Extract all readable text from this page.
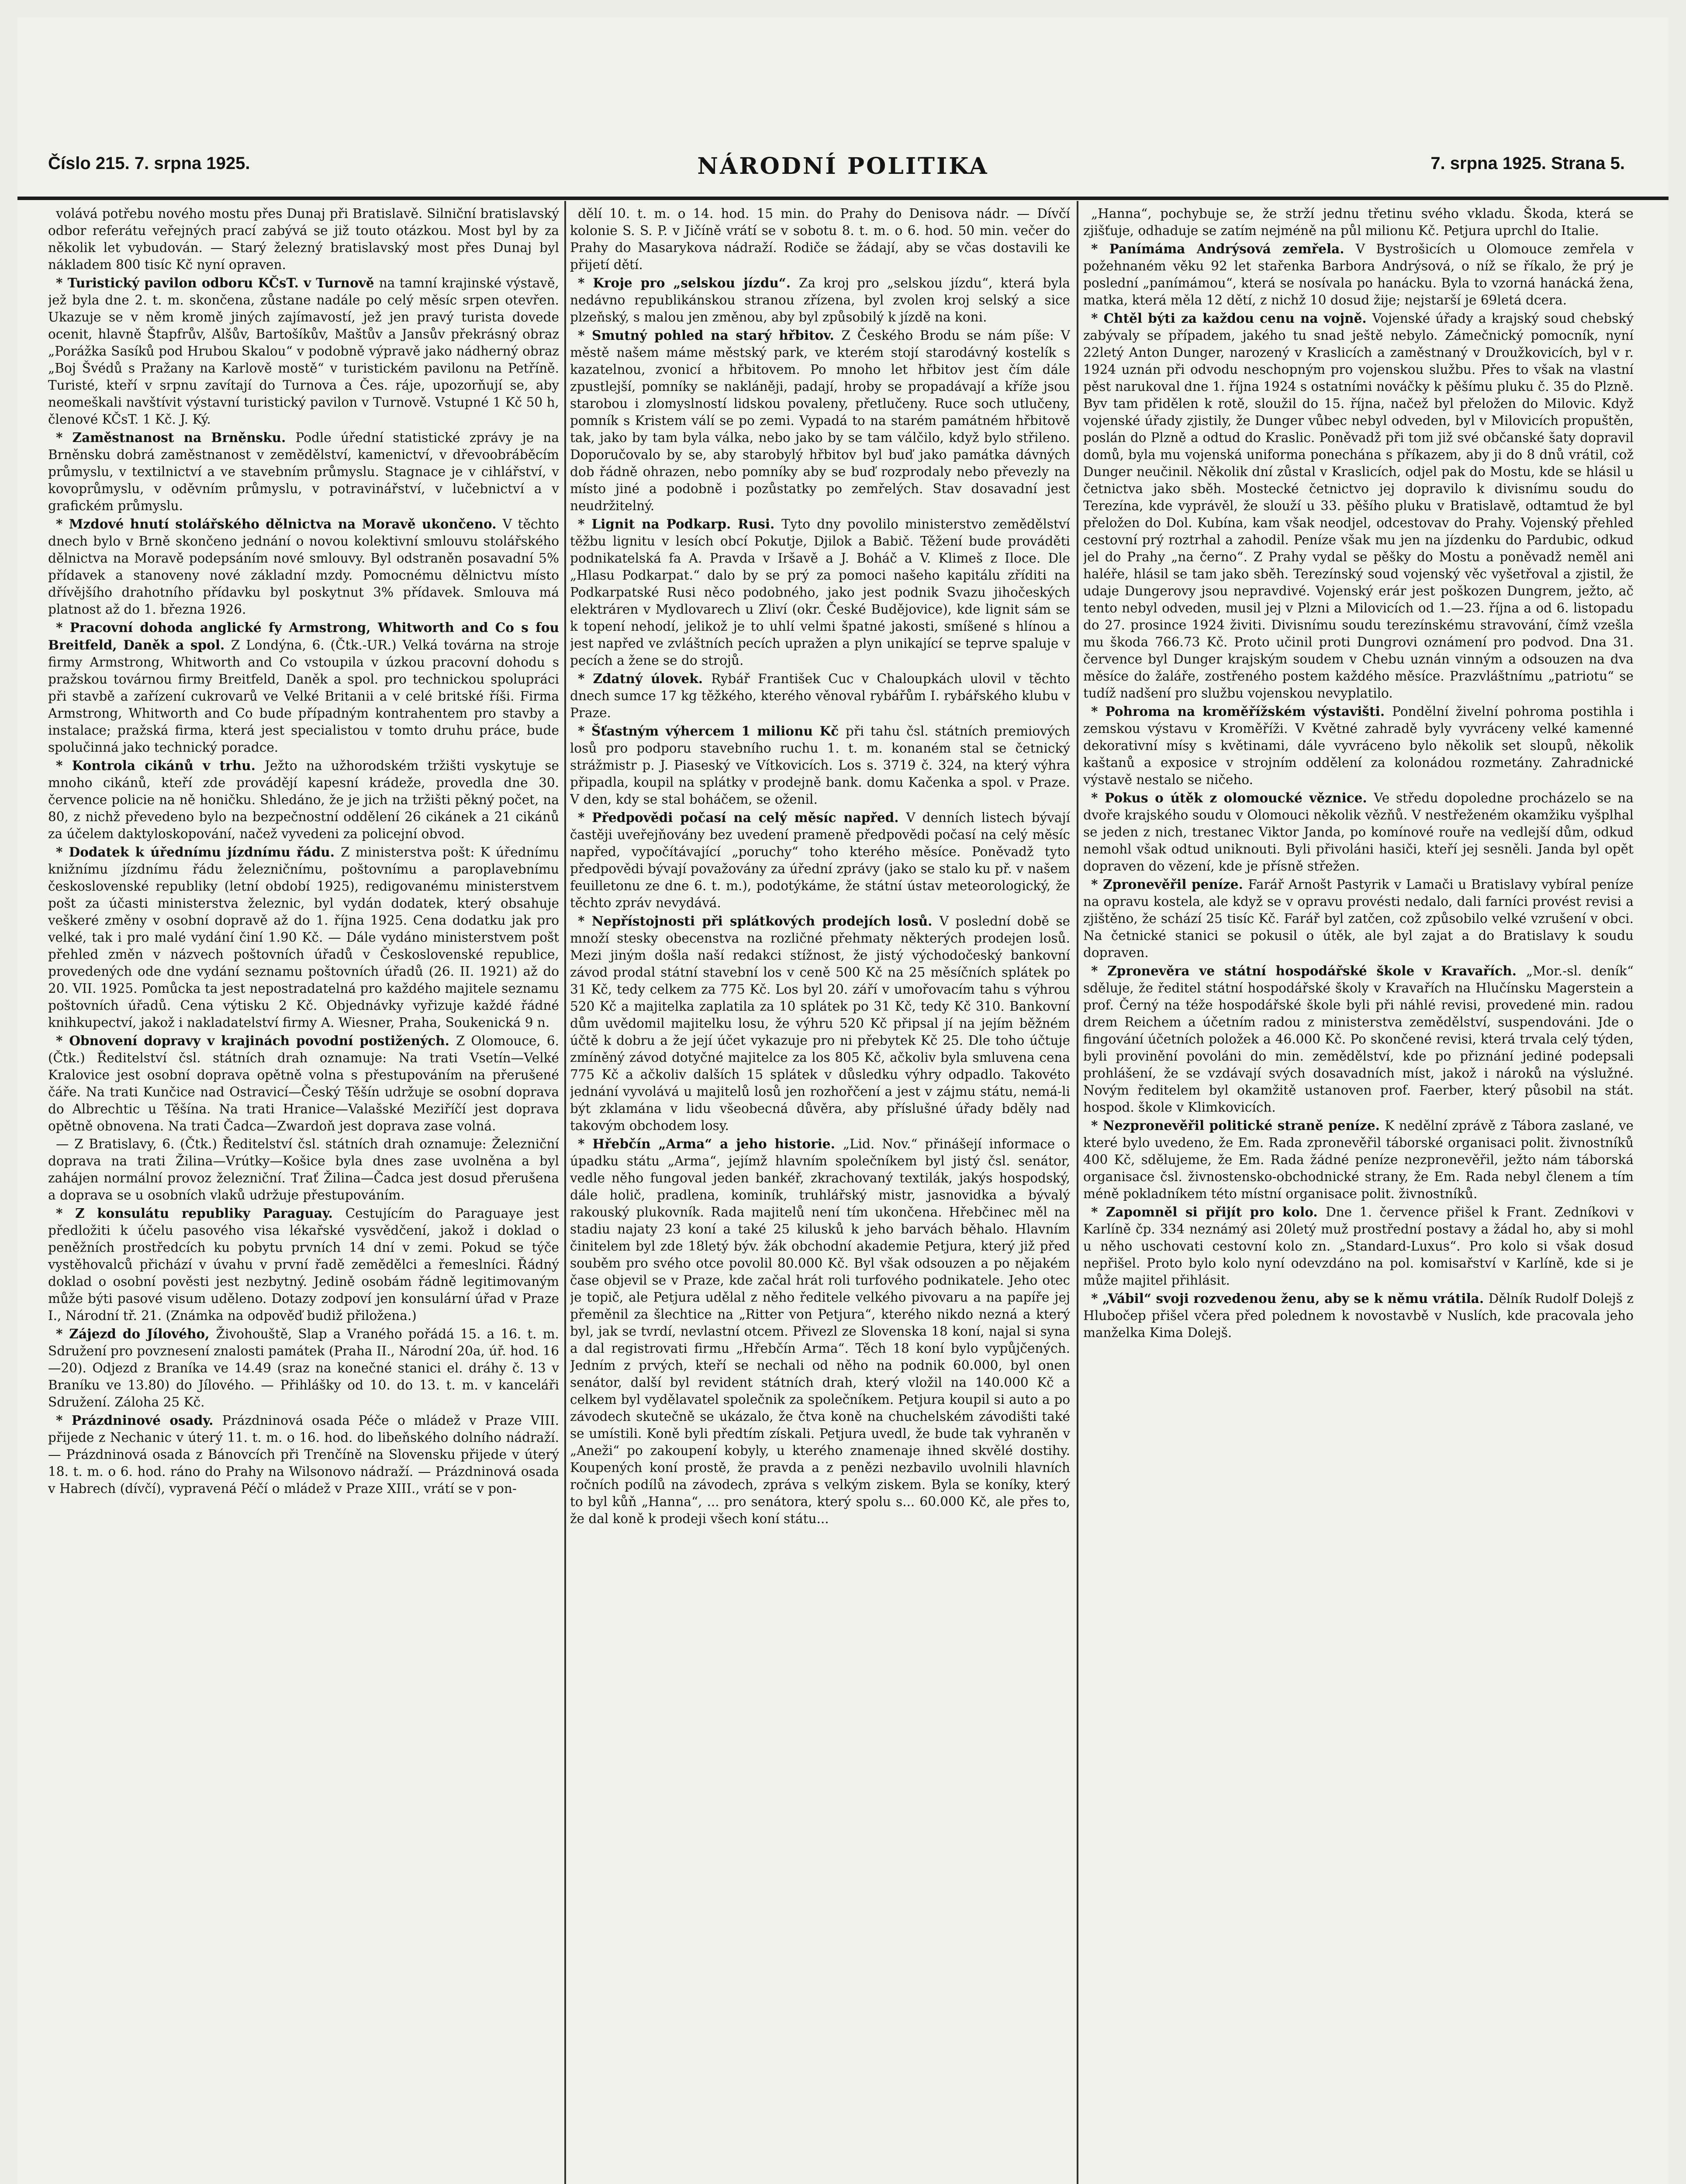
Číslo 215. 7. srpna 1925.	NÁRODNÍ POLITIKA	7. srpna 1925. Strana 5.

volává potřebu nového mostu přes Dunaj při Bratislavě. Silniční bratislavský odbor referátu veřejných prací zabývá se již touto otázkou. Most byl by za několik let vybudován. — Starý železný bratislavský most přes Dunaj byl nákladem 800 tisíc Kč nyní opraven.

* Turistický pavilon odboru KČsT. v Turnově na tamní krajinské výstavě, jež byla dne 2. t. m. skončena, zůstane nadále po celý měsíc srpen otevřen. Ukazuje se v něm kromě jiných zajímavostí, jež jen pravý turista dovede ocenit, hlavně Štapfrův, Alšův, Bartošíkův, Maštův a Jansův překrásný obraz „Porážka Sasíků pod Hrubou Skalou“ v podobně výpravě jako nádherný obraz „Boj Švédů s Pražany na Karlově mostě“ v turistickém pavilonu na Petříně. Turisté, kteří v srpnu zavítají do Turnova a Čes. ráje, upozorňují se, aby neomeškali navštívit výstavní turistický pavilon v Turnově. Vstupné 1 Kč 50 h, členové KČsT. 1 Kč. J. Ký.

* Zaměstnanost na Brněnsku. Podle úřední statistické zprávy je na Brněnsku dobrá zaměstnanost v zemědělství, kamenictví, v dřevoobráběcím průmyslu, v textilnictví a ve stavebním průmyslu. Stagnace je v cihlářství, v kovoprůmyslu, v oděvním průmyslu, v potravinářství, v lučebnictví a v grafickém průmyslu.

* Mzdové hnutí stolářského dělnictva na Moravě ukončeno. V těchto dnech bylo v Brně skončeno jednání o novou kolektivní smlouvu stolářského dělnictva na Moravě podepsáním nové smlouvy. Byl odstraněn posavadní 5% přídavek a stanoveny nové základní mzdy. Pomocnému dělnictvu místo dřívějšího drahotního přídavku byl poskytnut 3% přídavek. Smlouva má platnost až do 1. března 1926.

* Pracovní dohoda anglické fy Armstrong, Whitworth and Co s fou Breitfeld, Daněk a spol. Z Londýna, 6. (Čtk.-UR.) Velká továrna na stroje firmy Armstrong, Whitworth and Co vstoupila v úzkou pracovní dohodu s pražskou továrnou firmy Breitfeld, Daněk a spol. pro technickou spolupráci při stavbě a zařízení cukrovarů ve Velké Britanii a v celé britské říši. Firma Armstrong, Whitworth and Co bude případným kontrahentem pro stavby a instalace; pražská firma, která jest specialistou v tomto druhu práce, bude spolučinná jako technický poradce.

* Kontrola cikánů v trhu. Ježto na užhorodském tržišti vyskytuje se mnoho cikánů, kteří zde provádějí kapesní krádeže, provedla dne 30. července policie na ně honičku. Shledáno, že je jich na tržišti pěkný počet, na 80, z nichž převedeno bylo na bezpečnostní oddělení 26 cikánek a 21 cikánů za účelem daktyloskopování, načež vyvedeni za policejní obvod.

* Dodatek k úřednímu jízdnímu řádu. Z ministerstva pošt: K úřednímu knižnímu jízdnímu řádu železničnímu, poštovnímu a paroplavebnímu československé republiky (letní období 1925), redigovanému ministerstvem pošt za účasti ministerstva železnic, byl vydán dodatek, který obsahuje veškeré změny v osobní dopravě až do 1. října 1925. Cena dodatku jak pro velké, tak i pro malé vydání činí 1.90 Kč. — Dále vydáno ministerstvem pošt přehled změn v názvech poštovních úřadů v Československé republice, provedených ode dne vydání seznamu poštovních úřadů (26. II. 1921) až do 20. VII. 1925. Pomůcka ta jest nepostradatelná pro každého majitele seznamu poštovních úřadů. Cena výtisku 2 Kč. Objednávky vyřizuje každé řádné knihkupectví, jakož i nakladatelství firmy A. Wiesner, Praha, Soukenická 9 n.

* Obnovení dopravy v krajinách povodní postižených. Z Olomouce, 6. (Čtk.) Ředitelství čsl. státních drah oznamuje: Na trati Vsetín—Velké Kralovice jest osobní doprava opětně volna s přestupováním na přerušené čáře. Na trati Kunčice nad Ostravicí—Český Těšín udržuje se osobní doprava do Albrechtic u Těšína. Na trati Hranice—Valašské Meziříčí jest doprava opětně obnovena. Na trati Čadca—Zwardoň jest doprava zase volná.

— Z Bratislavy, 6. (Čtk.) Ředitelství čsl. státních drah oznamuje: Železniční doprava na trati Žilina—Vrútky—Košice byla dnes zase uvolněna a byl zahájen normální provoz železniční. Trať Žilina—Čadca jest dosud přerušena a doprava se u osobních vlaků udržuje přestupováním.

* Z konsulátu republiky Paraguay. Cestujícím do Paraguaye jest předložiti k účelu pasového visa lékařské vysvědčení, jakož i doklad o peněžních prostředcích ku pobytu prvních 14 dní v zemi. Pokud se týče vystěhovalců přichází v úvahu v první řadě zemědělci a řemeslníci. Řádný doklad o osobní pověsti jest nezbytný. Jedině osobám řádně legitimovaným může býti pasové visum uděleno. Dotazy zodpoví jen konsulární úřad v Praze I., Národní tř. 21. (Známka na odpověď budiž přiložena.)

* Zájezd do Jílového, Živohouště, Slap a Vraného pořádá 15. a 16. t. m. Sdružení pro povznesení znalosti památek (Praha II., Národní 20a, úř. hod. 16—20). Odjezd z Braníka ve 14.49 (sraz na konečné stanici el. dráhy č. 13 v Braníku ve 13.80) do Jílového. — Přihlášky od 10. do 13. t. m. v kanceláři Sdružení. Záloha 25 Kč.

* Prázdninové osady. Prázdninová osada Péče o mládež v Praze VIII. přijede z Nechanic v úterý 11. t. m. o 16. hod. do libeňského dolního nádraží. — Prázdninová osada z Bánovcích při Trenčíně na Slovensku přijede v úterý 18. t. m. o 6. hod. ráno do Prahy na Wilsonovo nádraží. — Prázdninová osada v Habrech (dívčí), vypravená Péčí o mládež v Praze XIII., vrátí se v pon-

dělí 10. t. m. o 14. hod. 15 min. do Prahy do Denisova nádr. — Dívčí kolonie S. S. P. v Jičíně vrátí se v sobotu 8. t. m. o 6. hod. 50 min. večer do Prahy do Masarykova nádraží. Rodiče se žádají, aby se včas dostavili ke přijetí dětí.

* Kroje pro „selskou jízdu“. Za kroj pro „selskou jízdu“, která byla nedávno republikánskou stranou zřízena, byl zvolen kroj selský a sice plzeňský, s malou jen změnou, aby byl způsobilý k jízdě na koni.

* Smutný pohled na starý hřbitov. Z Českého Brodu se nám píše: V městě našem máme městský park, ve kterém stojí starodávný kostelík s kazatelnou, zvonicí a hřbitovem. Po mnoho let hřbitov jest čím dále zpustlejší, pomníky se nakláněji, padají, hroby se propadávají a kříže jsou starobou i zlomyslností lidskou povaleny, přetlučeny. Ruce soch utlučeny, pomník s Kristem válí se po zemi. Vypadá to na starém památném hřbitově tak, jako by tam byla válka, nebo jako by se tam válčilo, když bylo střileno. Doporučovalo by se, aby starobylý hřbitov byl buď jako památka dávných dob řádně ohrazen, nebo pomníky aby se buď rozprodaly nebo převezly na místo jiné a podobně i pozůstatky po zemřelých. Stav dosavadní jest neudržitelný.

* Lignit na Podkarp. Rusi. Tyto dny povolilo ministerstvo zemědělství těžbu lignitu v lesích obcí Pokutje, Djilok a Babič. Těžení bude prováděti podnikatelská fa A. Pravda v Iršavě a J. Boháč a V. Klimeš z Iloce. Dle „Hlasu Podkarpat.“ dalo by se prý za pomoci našeho kapitálu zříditi na Podkarpatské Rusi něco podobného, jako jest podnik Svazu jihočeských elektráren v Mydlovarech u Zliví (okr. České Budějovice), kde lignit sám se k topení nehodí, jelikož je to uhlí velmi špatné jakosti, smíšené s hlínou a jest napřed ve zvláštních pecích upražen a plyn unikající se teprve spaluje v pecích a žene se do strojů.

* Zdatný úlovek. Rybář František Cuc v Chaloupkách ulovil v těchto dnech sumce 17 kg těžkého, kterého věnoval rybářům I. rybářského klubu v Praze.

* Šťastným výhercem 1 milionu Kč při tahu čsl. státních premiových losů pro podporu stavebního ruchu 1. t. m. konaném stal se četnický strážmistr p. J. Piaseský ve Vítkovicích. Los s. 3719 č. 324, na který výhra připadla, koupil na splátky v prodejně bank. domu Kačenka a spol. v Praze. V den, kdy se stal boháčem, se oženil.

* Předpovědi počasí na celý měsíc napřed. V denních listech bývají častěji uveřejňovány bez uvedení prameně předpovědi počasí na celý měsíc napřed, vypočítávající „poruchy“ toho kterého měsíce. Poněvadž tyto předpovědi bývají považovány za úřední zprávy (jako se stalo ku př. v našem feuilletonu ze dne 6. t. m.), podotýkáme, že státní ústav meteorologický, že těchto zpráv nevydává.

* Nepřístojnosti při splátkových prodejích losů. V poslední době se množí stesky obecenstva na rozličné přehmaty některých prodejen losů. Mezi jiným došla naší redakci stížnost, že jistý východočeský bankovní závod prodal státní stavební los v ceně 500 Kč na 25 měsíčních splátek po 31 Kč, tedy celkem za 775 Kč. Los byl 20. září v umořovacím tahu s výhrou 520 Kč a majitelka zaplatila za 10 splátek po 31 Kč, tedy Kč 310. Bankovní dům uvědomil majitelku losu, že výhru 520 Kč připsal jí na jejím běžném účtě k dobru a že její účet vykazuje pro ni přebytek Kč 25. Dle toho účtuje zmíněný závod dotyčné majitelce za los 805 Kč, ačkoliv byla smluvena cena 775 Kč a ačkoliv dalších 15 splátek v důsledku výhry odpadlo. Takovéto jednání vyvolává u majitelů losů jen rozhořčení a jest v zájmu státu, nemá-li být zklamána v lidu všeobecná důvěra, aby příslušné úřady bděly nad takovým obchodem losy.

* Hřebčín „Arma“ a jeho historie. „Lid. Nov.“ přinášejí informace o úpadku státu „Arma“, jejímž hlavním společníkem byl jistý čsl. senátor, vedle něho fungoval jeden bankéř, zkrachovaný textilák, jakýs hospodský, dále holič, pradlena, kominík, truhlářský mistr, jasnovidka a bývalý rakouský plukovník. Rada majitelů není tím ukončena. Hřebčinec měl na stadiu najaty 23 koní a také 25 kilusků k jeho barvách běhalo. Hlavním činitelem byl zde 18letý býv. žák obchodní akademie Petjura, který již před souběm pro svého otce povolil 80.000 Kč. Byl však odsouzen a po nějakém čase objevil se v Praze, kde začal hrát roli turfového podnikatele. Jeho otec je topič, ale Petjura udělal z něho ředitele velkého pivovaru a na papíře jej přeměnil za šlechtice na „Ritter von Petjura“, kterého nikdo nezná a který byl, jak se tvrdí, nevlastní otcem. Přivezl ze Slovenska 18 koní, najal si syna a dal registrovati firmu „Hřebčín Arma“. Těch 18 koní bylo vypůjčených. Jedním z prvých, kteří se nechali od něho na podnik 60.000, byl onen senátor, další byl revident státních drah, který vložil na 140.000 Kč a celkem byl vydělavatel společnik za společníkem. Petjura koupil si auto a po závodech skutečně se ukázalo, že čtva koně na chuchelském závodišti také se umístili. Koně byli předtím získali. Petjura uvedl, že bude tak vyhraněn v „Aneži“ po zakoupení kobyly, u kterého znamenaje ihned skvělé dostihy. Koupených koní prostě, že pravda a z penězi nezbavilo uvolnili hlavních ročních podílů na závodech, zpráva s velkým ziskem. Byla se koníky, který to byl kůň „Hanna“, ... pro senátora, který spolu s... 60.000 Kč, ale přes to, že dal koně k prodeji všech koní státu...

„Hanna“, pochybuje se, že strží jednu třetinu svého vkladu. Škoda, která se zjišťuje, odhaduje se zatím nejméně na půl milionu Kč. Petjura uprchl do Italie.

* Panímáma Andrýsová zemřela. V Bystrošicích u Olomouce zemřela v požehnaném věku 92 let stařenka Barbora Andrýsová, o níž se říkalo, že prý je poslední „panímámou“, která se nosívala po hanácku. Byla to vzorná hanácká žena, matka, která měla 12 dětí, z nichž 10 dosud žije; nejstarší je 69letá dcera.

* Chtěl býti za každou cenu na vojně. Vojenské úřady a krajský soud chebský zabývaly se případem, jakého tu snad ještě nebylo. Zámečnický pomocník, nyní 22letý Anton Dunger, narozený v Kraslicích a zaměstnaný v Droužkovicích, byl v r. 1924 uznán při odvodu neschopným pro vojenskou službu. Přes to však na vlastní pěst narukoval dne 1. října 1924 s ostatními nováčky k pěšímu pluku č. 35 do Plzně. Byv tam přidělen k rotě, sloužil do 15. října, načež byl přeložen do Milovic. Když vojenské úřady zjistily, že Dunger vůbec nebyl odveden, byl v Milovicích propuštěn, poslán do Plzně a odtud do Kraslic. Poněvadž při tom již své občanské šaty dopravil domů, byla mu vojenská uniforma ponechána s příkazem, aby ji do 8 dnů vrátil, což Dunger neučinil. Několik dní zůstal v Kraslicích, odjel pak do Mostu, kde se hlásil u četnictva jako sběh. Mostecké četnictvo jej dopravilo k divisnímu soudu do Terezína, kde vyprávěl, že slouží u 33. pěšího pluku v Bratislavě, odtamtud že byl přeložen do Dol. Kubína, kam však neodjel, odcestovav do Prahy. Vojenský přehled cestovní prý roztrhal a zahodil. Peníze však mu jen na jízdenku do Pardubic, odkud jel do Prahy „na černo“. Z Prahy vydal se pěšky do Mostu a poněvadž neměl ani haléře, hlásil se tam jako sběh. Terezínský soud vojenský věc vyšetřoval a zjistil, že udaje Dungerovy jsou nepravdivé. Vojenský erár jest poškozen Dungrem, ježto, ač tento nebyl odveden, musil jej v Plzni a Milovicích od 1.—23. října a od 6. listopadu do 27. prosince 1924 živiti. Divisnímu soudu terezínskému stravování, čímž vzešla mu škoda 766.73 Kč. Proto učinil proti Dungrovi oznámení pro podvod. Dna 31. července byl Dunger krajským soudem v Chebu uznán vinným a odsouzen na dva měsíce do žaláře, zostřeného postem každého měsíce. Prazvláštnímu „patriotu“ se tudíž nadšení pro službu vojenskou nevyplatilo.

* Pohroma na kroměřížském výstavišti. Pondělní živelní pohroma postihla i zemskou výstavu v Kroměříži. V Květné zahradě byly vyvráceny velké kamenné dekorativní mísy s květinami, dále vyvráceno bylo několik set sloupů, několik kaštanů a exposice v strojním oddělení za kolonádou rozmetány. Zahradnické výstavě nestalo se ničeho.

* Pokus o útěk z olomoucké věznice. Ve středu dopoledne procházelo se na dvoře krajského soudu v Olomouci několik vězňů. V nestřeženém okamžiku vyšplhal se jeden z nich, trestanec Viktor Janda, po komínové rouře na vedlejší dům, odkud nemohl však odtud uniknouti. Byli přivoláni hasiči, kteří jej sesněli. Janda byl opět dopraven do vězení, kde je přísně střežen.

* Zpronevěřil peníze. Farář Arnošt Pastyrik v Lamači u Bratislavy vybíral peníze na opravu kostela, ale když se v opravu provésti nedalo, dali farníci provést revisi a zjištěno, že schází 25 tisíc Kč. Farář byl zatčen, což způsobilo velké vzrušení v obci. Na četnické stanici se pokusil o útěk, ale byl zajat a do Bratislavy k soudu dopraven.

* Zpronevěra ve státní hospodářské škole v Kravařích. „Mor.-sl. deník“ sděluje, že ředitel státní hospodářské školy v Kravařích na Hlučínsku Magerstein a prof. Černý na téže hospodářské škole byli při náhlé revisi, provedené min. radou drem Reichem a účetním radou z ministerstva zemědělství, suspendováni. Jde o fingování účetních položek a 46.000 Kč. Po skončené revisi, která trvala celý týden, byli provinění povoláni do min. zemědělství, kde po přiznání jediné podepsali prohlášení, že se vzdávají svých dosavadních míst, jakož i nároků na výslužné. Novým ředitelem byl okamžitě ustanoven prof. Faerber, který působil na stát. hospod. škole v Klimkovicích.

* Nezpronevěřil politické straně peníze. K nedělní zprávě z Tábora zaslané, ve které bylo uvedeno, že Em. Rada zpronevěřil táborské organisaci polit. živnostníků 400 Kč, sdělujeme, že Em. Rada žádné peníze nezpronevěřil, ježto nám táborská organisace čsl. živnostensko-obchodnické strany, že Em. Rada nebyl členem a tím méně pokladníkem této místní organisace polit. živnostníků.

* Zapomněl si přijít pro kolo. Dne 1. července přišel k Frant. Zedníkovi v Karlíně čp. 334 neznámý asi 20letý muž prostřední postavy a žádal ho, aby si mohl u něho uschovati cestovní kolo zn. „Standard-Luxus“. Pro kolo si však dosud nepřišel. Proto bylo kolo nyní odevzdáno na pol. komisařství v Karlíně, kde si je může majitel přihlásit.

* „Vábil“ svoji rozvedenou ženu, aby se k němu vrátila. Dělník Rudolf Dolejš z Hlubočep přišel včera před polednem k novostavbě v Nuslích, kde pracovala jeho manželka Kima Dolejš.
